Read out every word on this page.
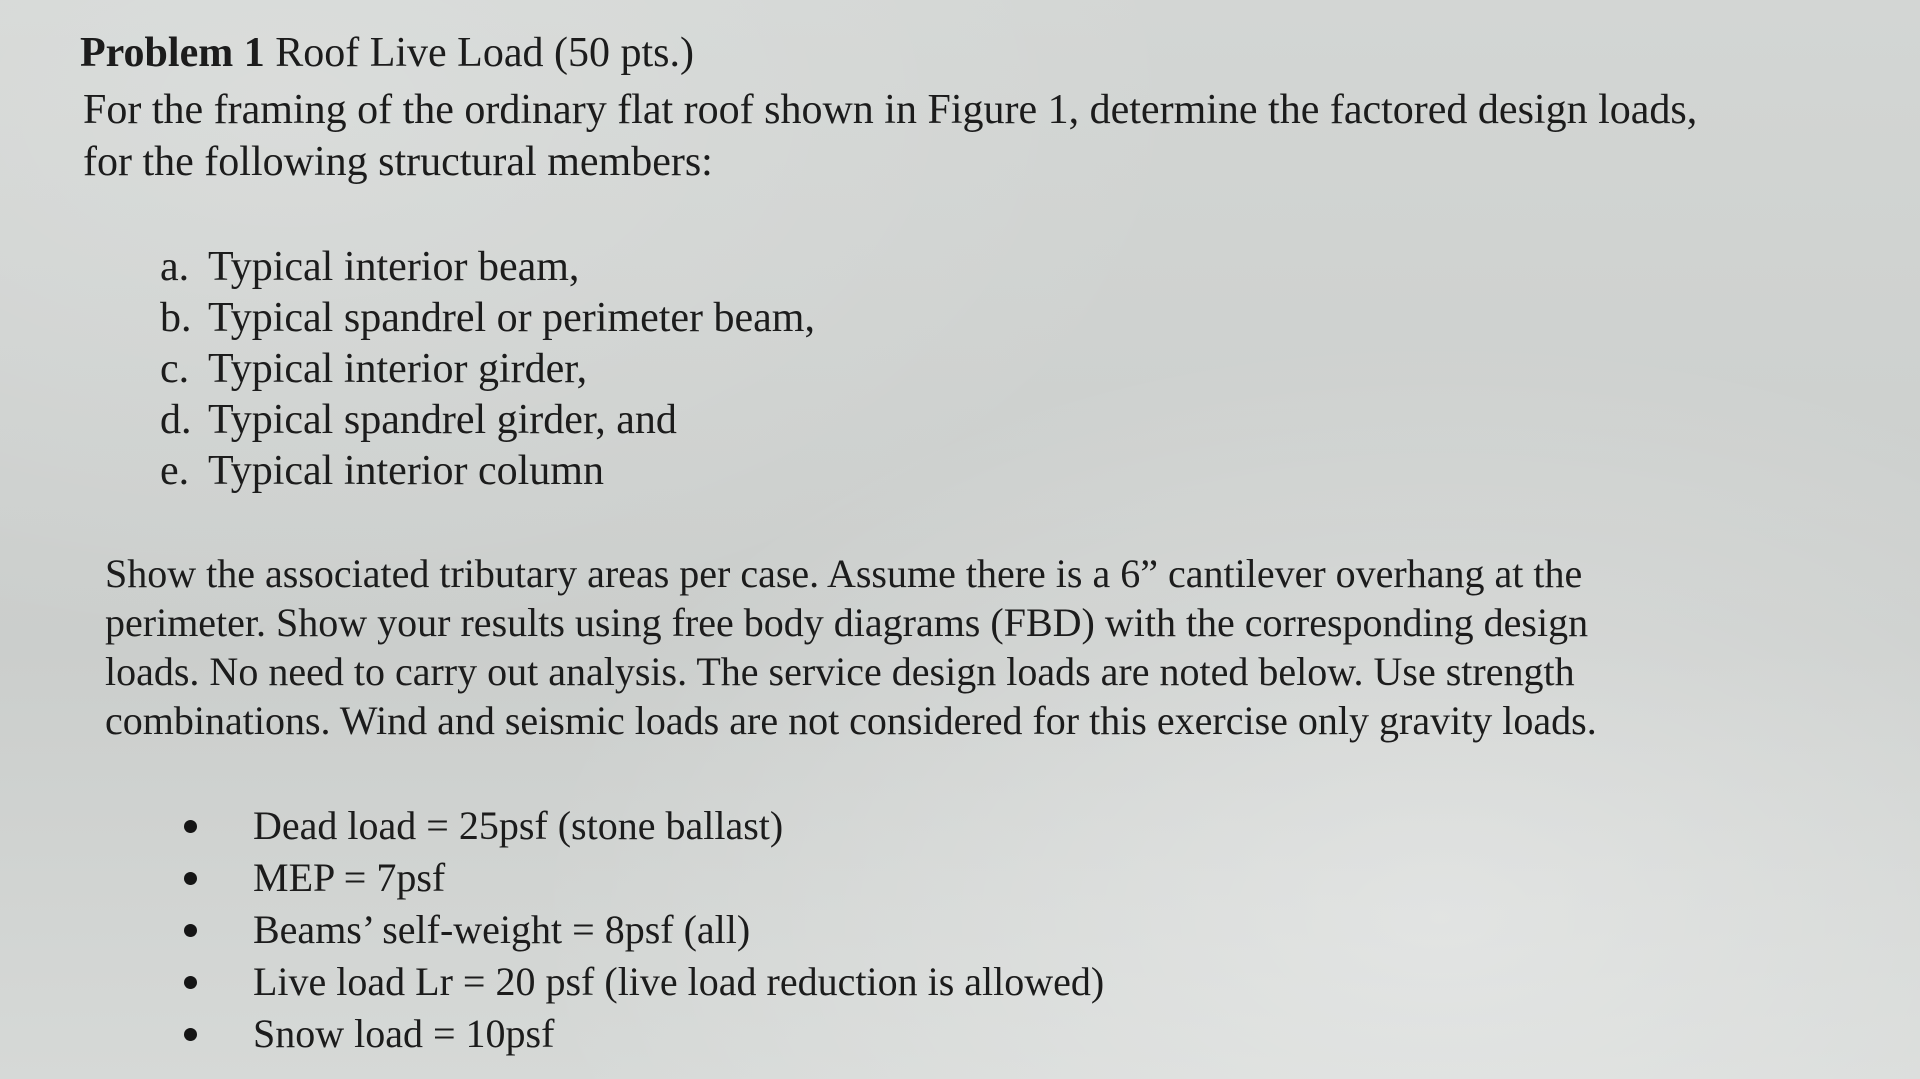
Problem 1 Roof Live Load (50 pts.)
For the framing of the ordinary flat roof shown in Figure 1, determine the factored design loads,
for the following structural members:
a. Typical interior beam,
b. Typical spandrel or perimeter beam,
c. Typical interior girder,
d. Typical spandrel girder, and
e. Typical interior column
Show the associated tributary areas per case. Assume there is a 6” cantilever overhang at the
perimeter. Show your results using free body diagrams (FBD) with the corresponding design
loads. No need to carry out analysis. The service design loads are noted below. Use strength
combinations. Wind and seismic loads are not considered for this exercise only gravity loads.
Dead load = 25psf (stone ballast)
MEP = 7psf
Beams’ self-weight = 8psf (all)
Live load Lr = 20 psf (live load reduction is allowed)
Snow load = 10psf
